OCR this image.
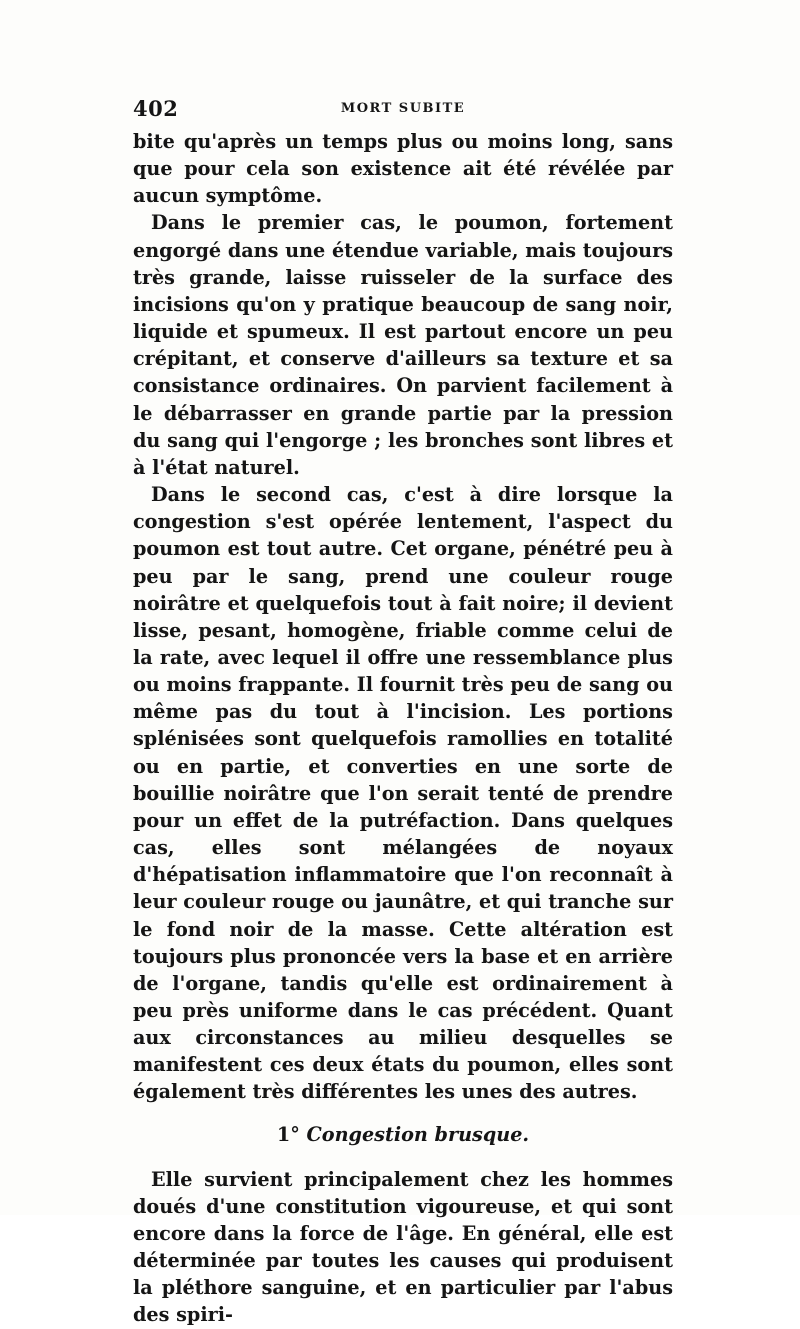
402	MORT SUBITE

bite qu'après un temps plus ou moins long, sans que pour cela son existence ait été révélée par aucun symptôme.

Dans le premier cas, le poumon, fortement engorgé dans une étendue variable, mais toujours très grande, laisse ruisseler de la surface des incisions qu'on y pratique beaucoup de sang noir, liquide et spumeux. Il est partout encore un peu crépitant, et conserve d'ailleurs sa texture et sa consistance ordinaires. On parvient facilement à le débarrasser en grande partie par la pression du sang qui l'engorge ; les bronches sont libres et à l'état naturel.

Dans le second cas, c'est à dire lorsque la congestion s'est opérée lentement, l'aspect du poumon est tout autre. Cet organe, pénétré peu à peu par le sang, prend une couleur rouge noirâtre et quelquefois tout à fait noire; il devient lisse, pesant, homogène, friable comme celui de la rate, avec lequel il offre une ressemblance plus ou moins frappante. Il fournit très peu de sang ou même pas du tout à l'incision. Les portions splénisées sont quelquefois ramollies en totalité ou en partie, et converties en une sorte de bouillie noirâtre que l'on serait tenté de prendre pour un effet de la putréfaction. Dans quelques cas, elles sont mélangées de noyaux d'hépatisation inflammatoire que l'on reconnaît à leur couleur rouge ou jaunâtre, et qui tranche sur le fond noir de la masse. Cette altération est toujours plus prononcée vers la base et en arrière de l'organe, tandis qu'elle est ordinairement à peu près uniforme dans le cas précédent. Quant aux circonstances au milieu desquelles se manifestent ces deux états du poumon, elles sont également très différentes les unes des autres.

1° Congestion brusque.

Elle survient principalement chez les hommes doués d'une constitution vigoureuse, et qui sont encore dans la force de l'âge. En général, elle est déterminée par toutes les causes qui produisent la pléthore sanguine, et en particulier par l'abus des spiri-
